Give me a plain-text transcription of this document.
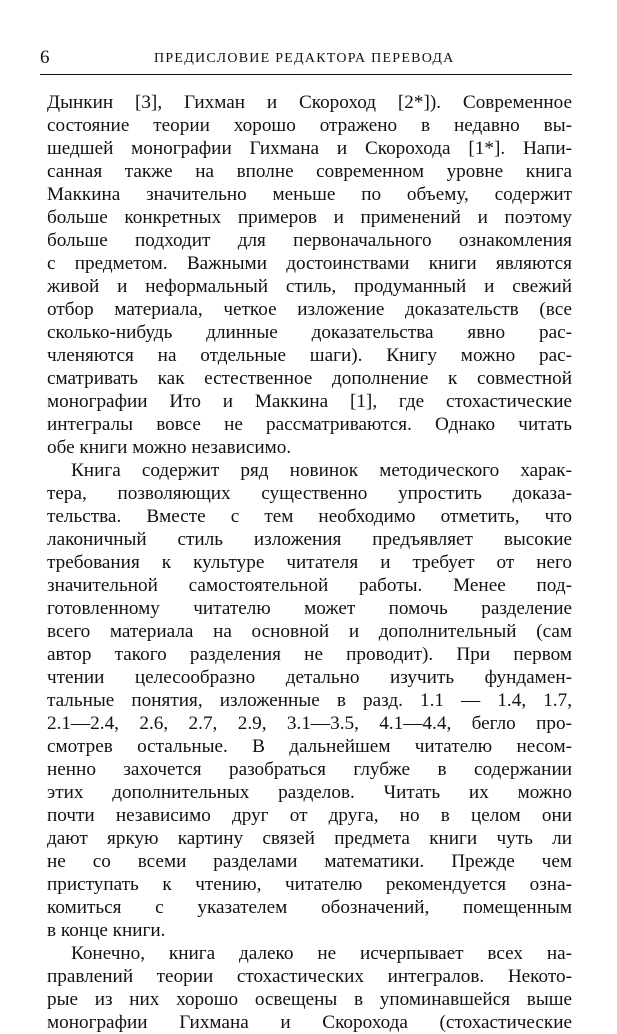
6	ПРЕДИСЛОВИЕ РЕДАКТОРА ПЕРЕВОДА
Дынкин [3], Гихман и Скороход [2*]). Современное
состояние теории хорошо отражено в недавно вы-
шедшей монографии Гихмана и Скорохода [1*]. Напи-
санная также на вполне современном уровне книга
Маккина значительно меньше по объему, содержит
больше конкретных примеров и применений и поэтому
больше подходит для первоначального ознакомления
с предметом. Важными достоинствами книги являются
живой и неформальный стиль, продуманный и свежий
отбор материала, четкое изложение доказательств (все
сколько-нибудь длинные доказательства явно рас-
членяются на отдельные шаги). Книгу можно рас-
сматривать как естественное дополнение к совместной
монографии Ито и Маккина [1], где стохастические
интегралы вовсе не рассматриваются. Однако читать
обе книги можно независимо.
Книга содержит ряд новинок методического харак-
тера, позволяющих существенно упростить доказа-
тельства. Вместе с тем необходимо отметить, что
лаконичный стиль изложения предъявляет высокие
требования к культуре читателя и требует от него
значительной самостоятельной работы. Менее под-
готовленному читателю может помочь разделение
всего материала на основной и дополнительный (сам
автор такого разделения не проводит). При первом
чтении целесообразно детально изучить фундамен-
тальные понятия, изложенные в разд. 1.1 — 1.4, 1.7,
2.1—2.4, 2.6, 2.7, 2.9, 3.1—3.5, 4.1—4.4, бегло про-
смотрев остальные. В дальнейшем читателю несом-
ненно захочется разобраться глубже в содержании
этих дополнительных разделов. Читать их можно
почти независимо друг от друга, но в целом они
дают яркую картину связей предмета книги чуть ли
не со всеми разделами математики. Прежде чем
приступать к чтению, читателю рекомендуется озна-
комиться с указателем обозначений, помещенным
в конце книги.
Конечно, книга далеко не исчерпывает всех на-
правлений теории стохастических интегралов. Некото-
рые из них хорошо освещены в упоминавшейся выше
монографии Гихмана и Скорохода (стохастические
